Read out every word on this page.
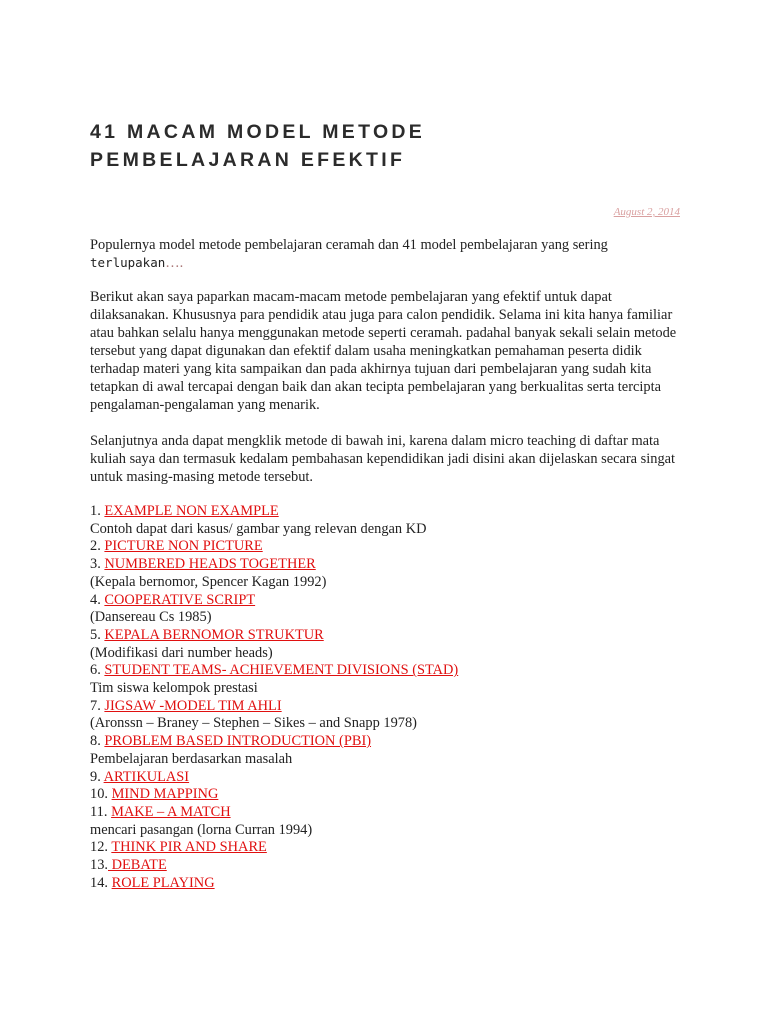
41 MACAM MODEL METODE
PEMBELAJARAN EFEKTIF
August 2, 2014

Populernya model metode pembelajaran ceramah dan 41 model pembelajaran yang sering terlupakan….

Berikut akan saya paparkan macam-macam metode pembelajaran yang efektif untuk dapat dilaksanakan. Khususnya para pendidik atau juga para calon pendidik. Selama ini kita hanya familiar atau bahkan selalu hanya menggunakan metode seperti ceramah. padahal banyak sekali selain metode tersebut yang dapat digunakan dan efektif dalam usaha meningkatkan pemahaman peserta didik terhadap materi yang kita sampaikan dan pada akhirnya tujuan dari pembelajaran yang sudah kita tetapkan di awal tercapai dengan baik dan akan tecipta pembelajaran yang berkualitas serta tercipta pengalaman-pengalaman yang menarik.

Selanjutnya anda dapat mengklik metode di bawah ini, karena dalam micro teaching di daftar mata kuliah saya dan termasuk kedalam pembahasan kependidikan jadi disini akan dijelaskan secara singat untuk masing-masing metode tersebut.

1. EXAMPLE NON EXAMPLE
Contoh dapat dari kasus/ gambar yang relevan dengan KD
2. PICTURE NON PICTURE
3. NUMBERED HEADS TOGETHER
(Kepala bernomor, Spencer Kagan 1992)
4. COOPERATIVE SCRIPT
(Dansereau Cs 1985)
5. KEPALA BERNOMOR STRUKTUR
(Modifikasi dari number heads)
6. STUDENT TEAMS- ACHIEVEMENT DIVISIONS (STAD)
Tim siswa kelompok prestasi
7. JIGSAW -MODEL TIM AHLI
(Aronssn – Braney – Stephen – Sikes – and Snapp 1978)
8. PROBLEM BASED INTRODUCTION (PBI)
Pembelajaran berdasarkan masalah
9. ARTIKULASI
10. MIND MAPPING
11. MAKE – A MATCH
mencari pasangan (lorna Curran 1994)
12. THINK PIR AND SHARE
13. DEBATE
14. ROLE PLAYING
